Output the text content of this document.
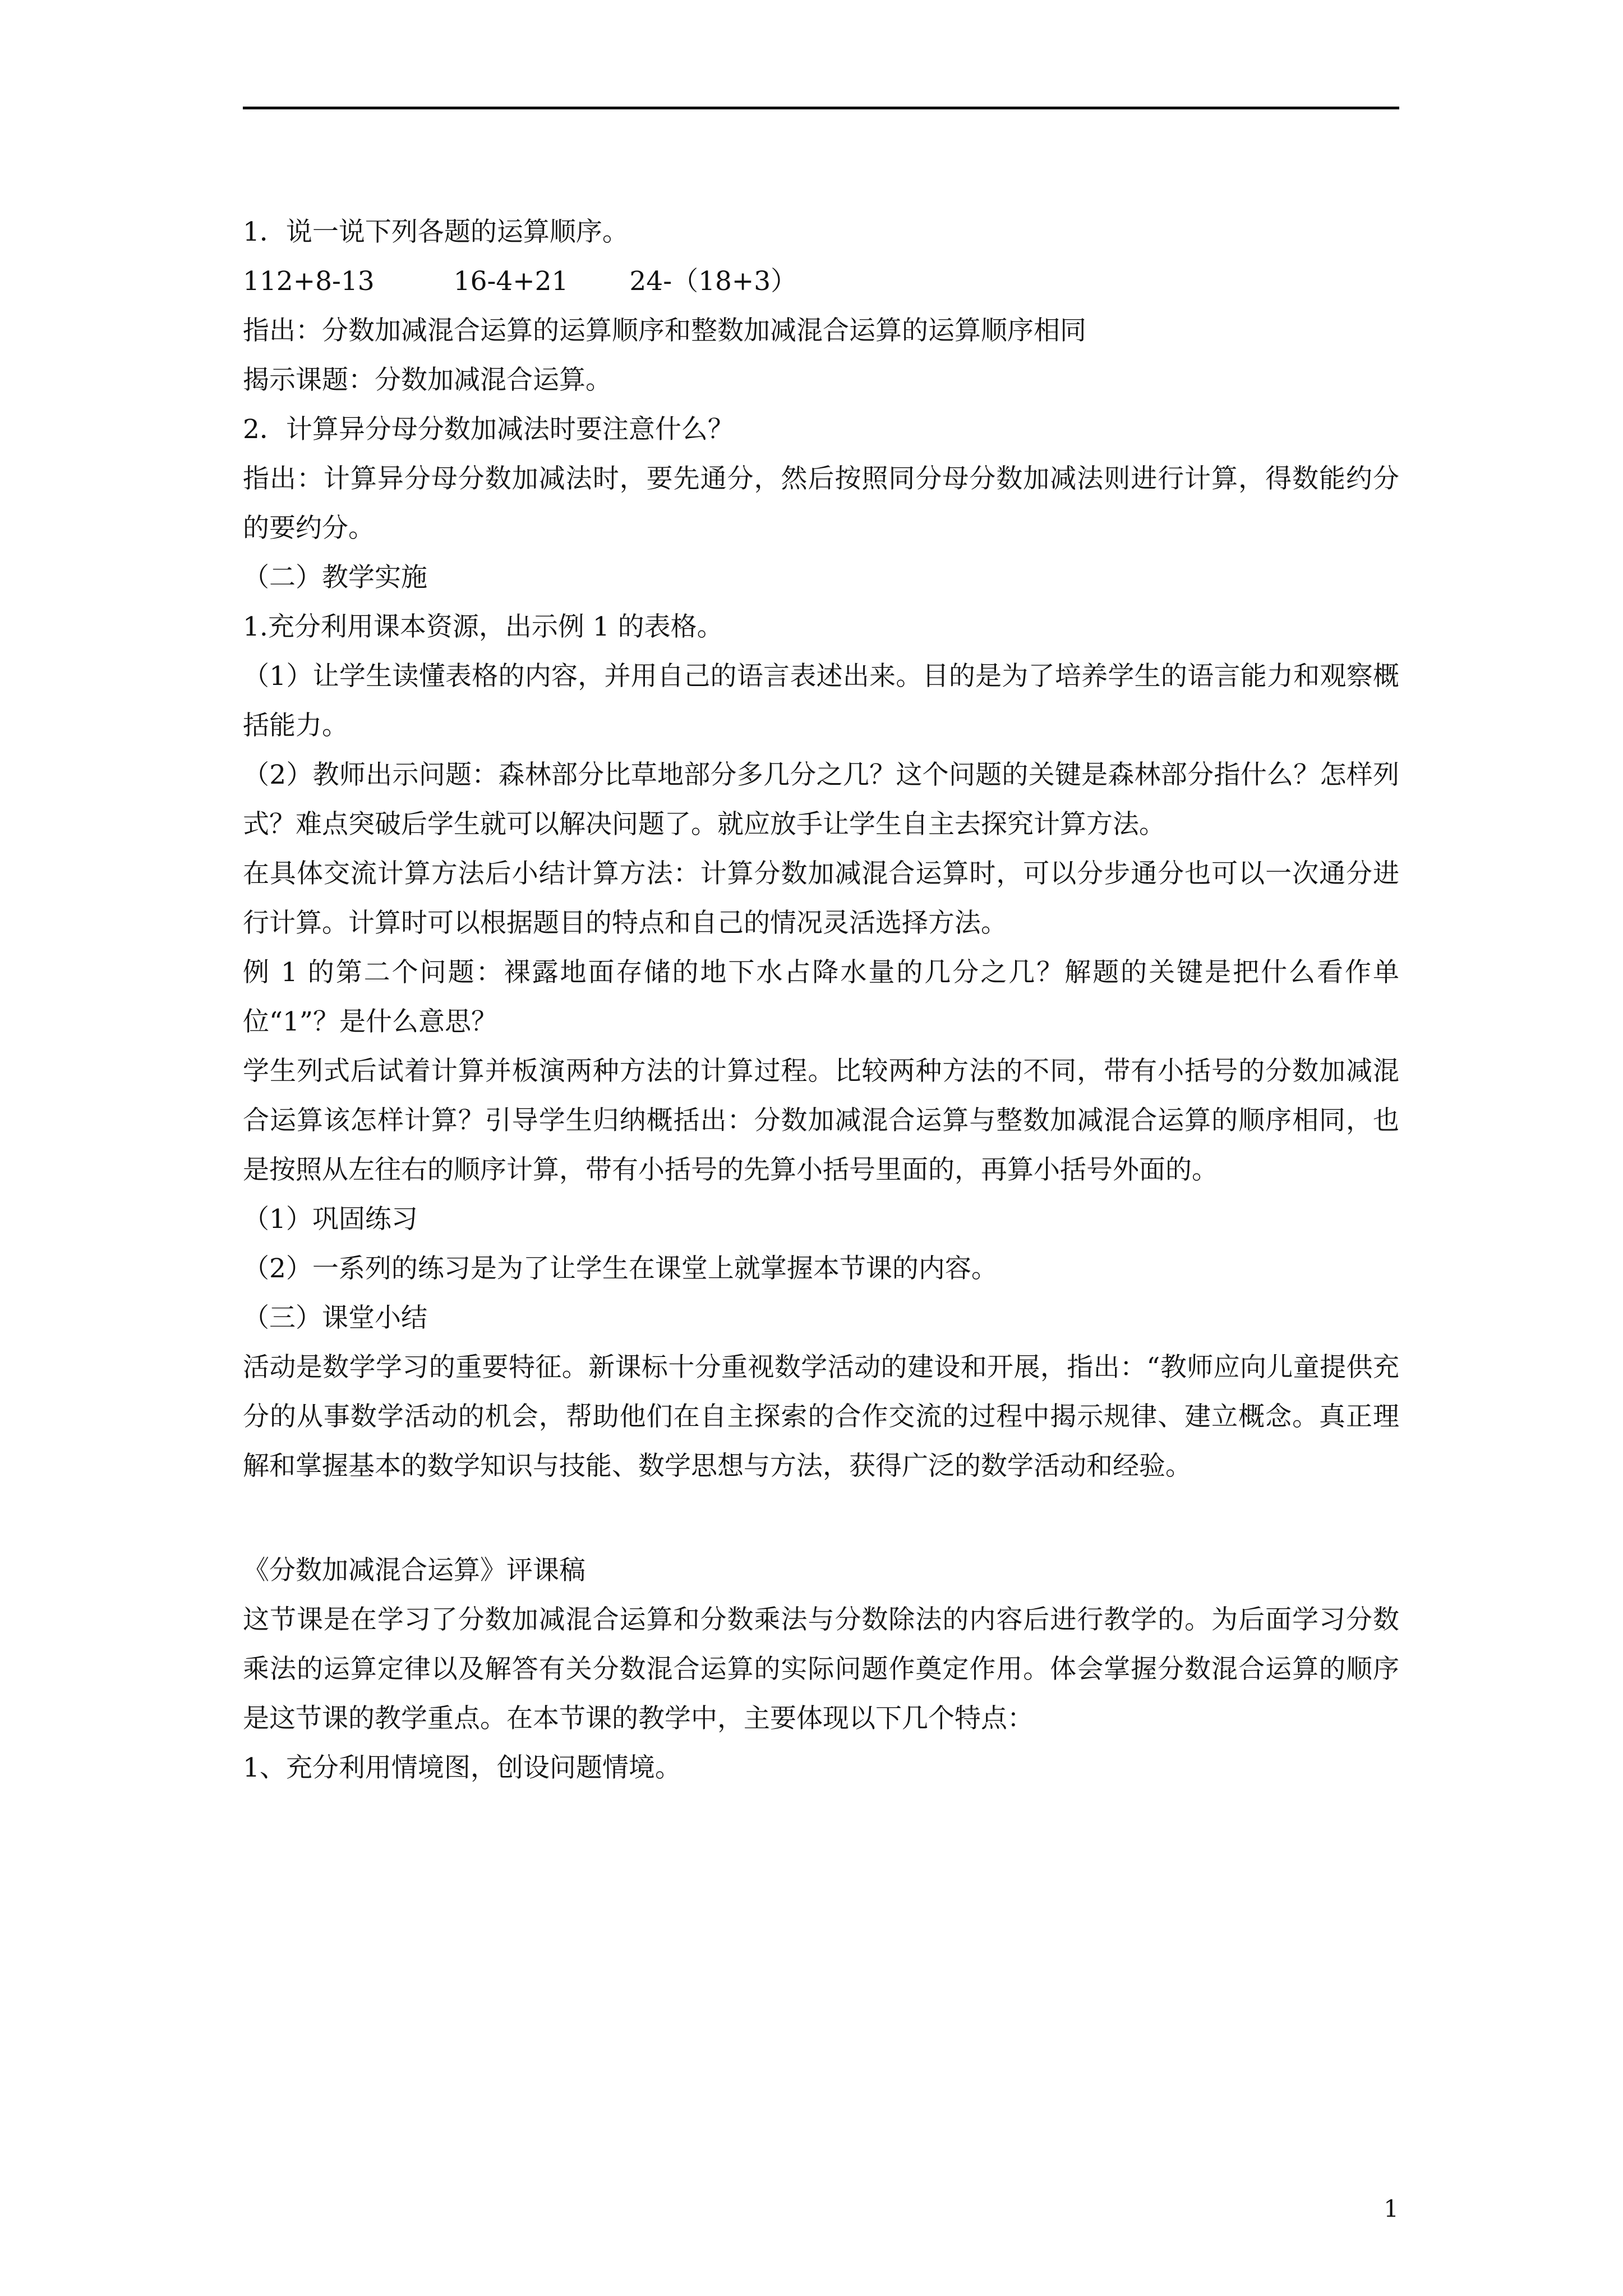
1．说一说下列各题的运算顺序。

112+8-13　　　16-4+21　　 24-（18+3）

指出：分数加减混合运算的运算顺序和整数加减混合运算的运算顺序相同

揭示课题：分数加减混合运算。

2．计算异分母分数加减法时要注意什么？

指出：计算异分母分数加减法时，要先通分，然后按照同分母分数加减法则进行计算，得数能约分的要约分。

（二）教学实施

1.充分利用课本资源，出示例 1 的表格。

（1）让学生读懂表格的内容，并用自己的语言表述出来。目的是为了培养学生的语言能力和观察概括能力。

（2）教师出示问题：森林部分比草地部分多几分之几？这个问题的关键是森林部分指什么？怎样列式？难点突破后学生就可以解决问题了。就应放手让学生自主去探究计算方法。

在具体交流计算方法后小结计算方法：计算分数加减混合运算时，可以分步通分也可以一次通分进行计算。计算时可以根据题目的特点和自己的情况灵活选择方法。

例 1 的第二个问题：裸露地面存储的地下水占降水量的几分之几？解题的关键是把什么看作单位“1”？是什么意思？

学生列式后试着计算并板演两种方法的计算过程。比较两种方法的不同，带有小括号的分数加减混合运算该怎样计算？引导学生归纳概括出：分数加减混合运算与整数加减混合运算的顺序相同，也是按照从左往右的顺序计算，带有小括号的先算小括号里面的，再算小括号外面的。

（1）巩固练习

（2）一系列的练习是为了让学生在课堂上就掌握本节课的内容。

（三）课堂小结

活动是数学学习的重要特征。新课标十分重视数学活动的建设和开展，指出：“教师应向儿童提供充分的从事数学活动的机会，帮助他们在自主探索的合作交流的过程中揭示规律、建立概念。真正理解和掌握基本的数学知识与技能、数学思想与方法，获得广泛的数学活动和经验。

《分数加减混合运算》评课稿

这节课是在学习了分数加减混合运算和分数乘法与分数除法的内容后进行教学的。为后面学习分数乘法的运算定律以及解答有关分数混合运算的实际问题作奠定作用。体会掌握分数混合运算的顺序是这节课的教学重点。在本节课的教学中，主要体现以下几个特点：

1、充分利用情境图，创设问题情境。

1
